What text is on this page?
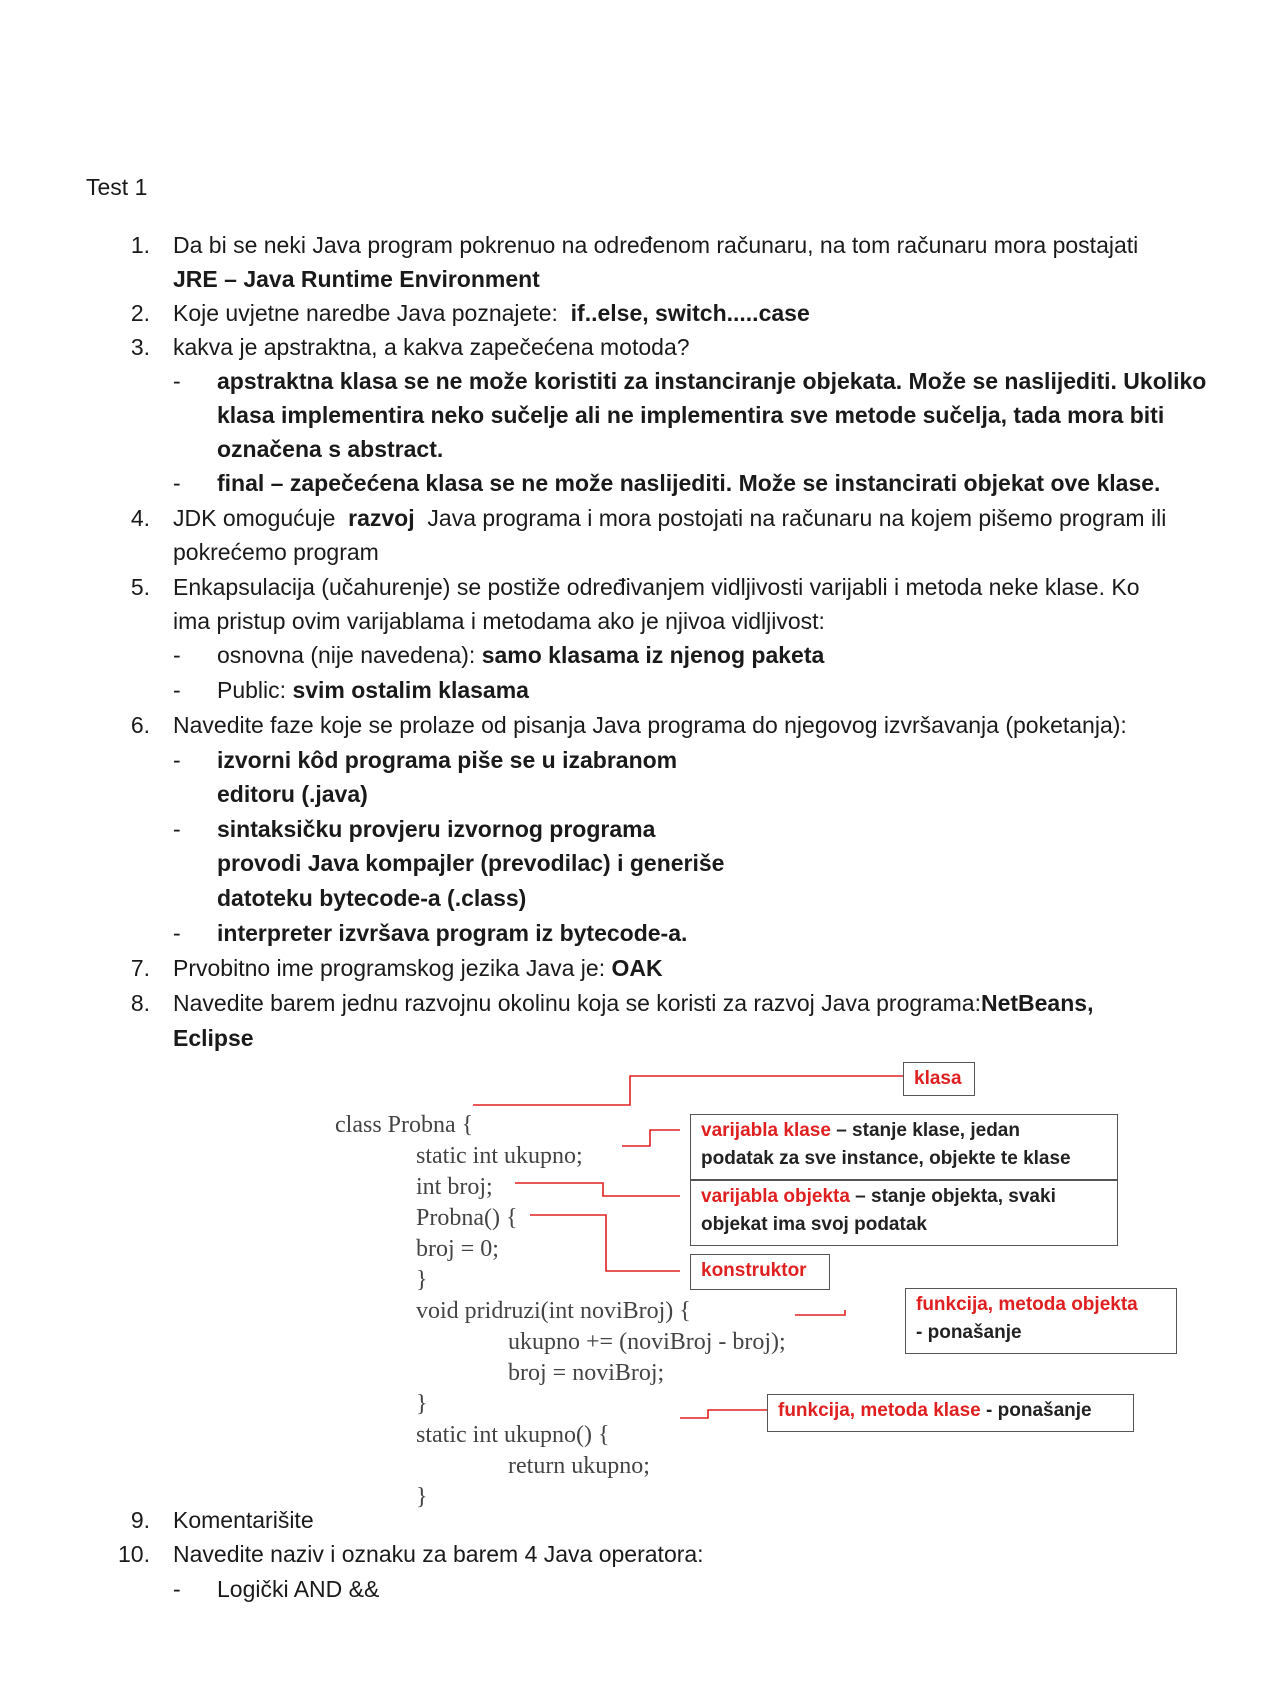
Test 1
1. Da bi se neki Java program pokrenuo na određenom računaru, na tom računaru mora postajati
JRE – Java Runtime Environment
2. Koje uvjetne naredbe Java poznajete: if..else, switch.....case
3. kakva je apstraktna, a kakva zapečećena motoda?
- apstraktna klasa se ne može koristiti za instanciranje objekata. Može se naslijediti. Ukoliko
klasa implementira neko sučelje ali ne implementira sve metode sučelja, tada mora biti
označena s abstract.
- final – zapečećena klasa se ne može naslijediti. Može se instancirati objekat ove klase.
4. JDK omogućuje razvoj Java programa i mora postojati na računaru na kojem pišemo program ili
pokrećemo program
5. Enkapsulacija (učahurenje) se postiže određivanjem vidljivosti varijabli i metoda neke klase. Ko
ima pristup ovim varijablama i metodama ako je njivoa vidljivost:
- osnovna (nije navedena): samo klasama iz njenog paketa
- Public: svim ostalim klasama
6. Navedite faze koje se prolaze od pisanja Java programa do njegovog izvršavanja (poketanja):
- izvorni kôd programa piše se u izabranom
editoru (.java)
- sintaksičku provjeru izvornog programa
provodi Java kompajler (prevodilac) i generiše
datoteku bytecode-a (.class)
- interpreter izvršava program iz bytecode-a.
7. Prvobitno ime programskog jezika Java je: OAK
8. Navedite barem jednu razvojnu okolinu koja se koristi za razvoj Java programa:NetBeans,
Eclipse
class Probna {
static int ukupno;
int broj;
Probna() {
broj = 0;
}
void pridruzi(int noviBroj) {
ukupno += (noviBroj - broj);
broj = noviBroj;
}
static int ukupno() {
return ukupno;
}
klasa
varijabla klase – stanje klase, jedan
podatak za sve instance, objekte te klase
varijabla objekta – stanje objekta, svaki
objekat ima svoj podatak
konstruktor
funkcija, metoda objekta
- ponašanje
funkcija, metoda klase - ponašanje
9. Komentarišite
10. Navedite naziv i oznaku za barem 4 Java operatora:
- Logički AND &&
